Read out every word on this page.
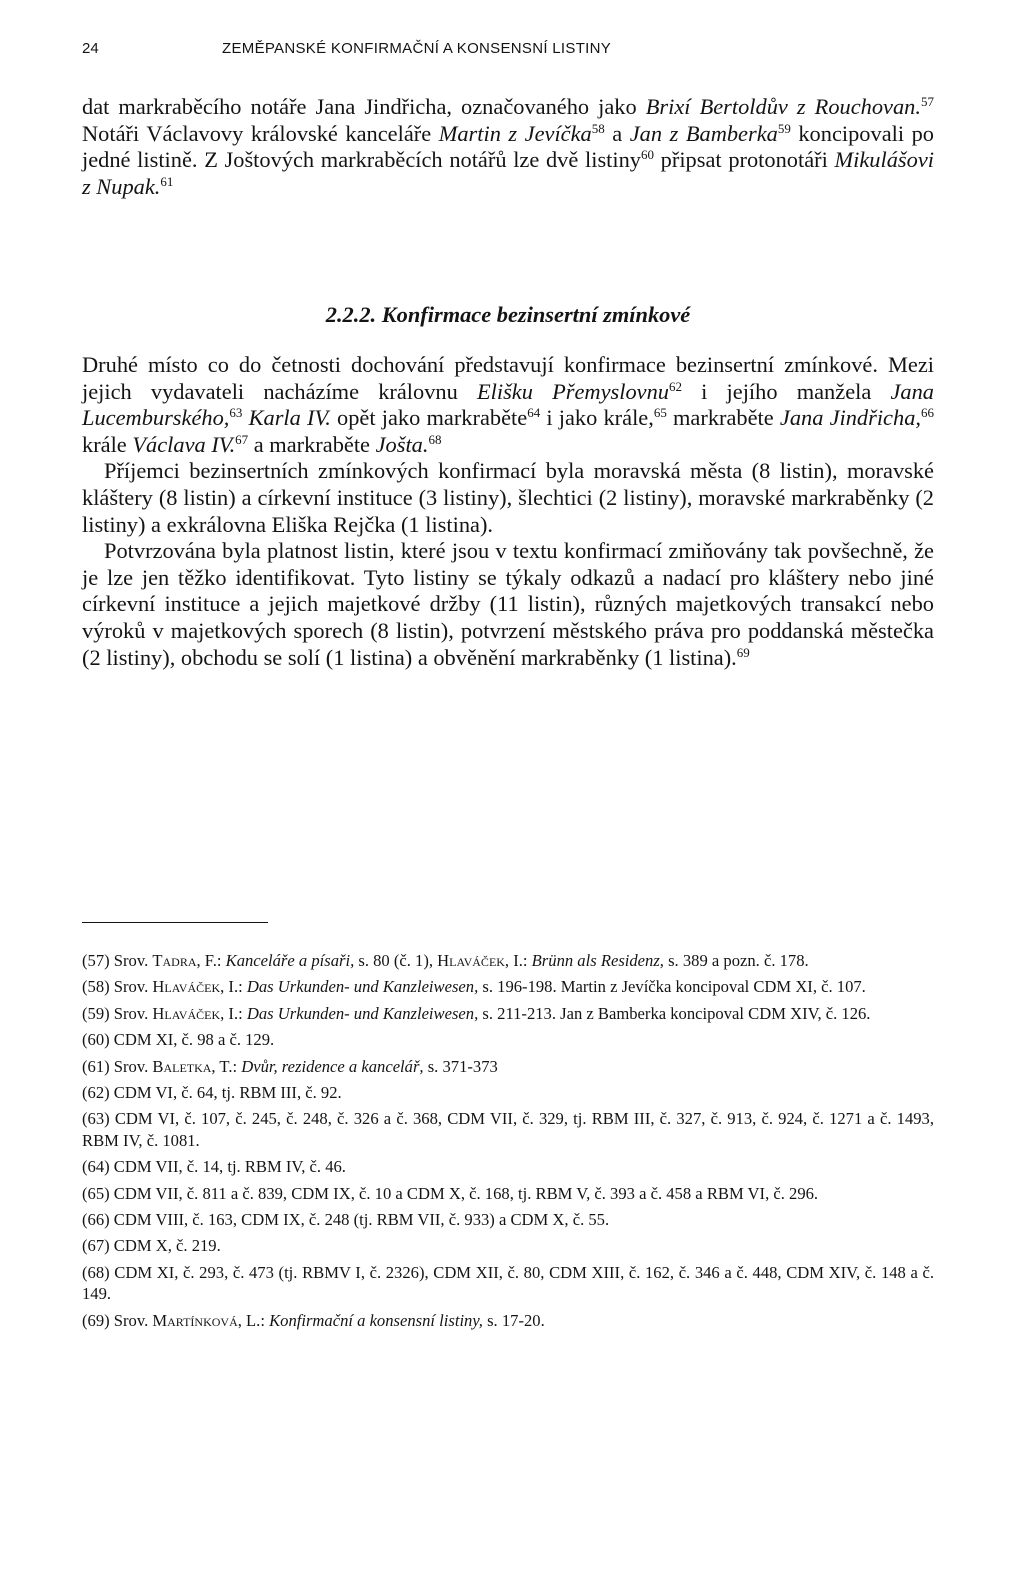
24	ZEMĚPANSKÉ KONFIRMAČNÍ A KONSENSNÍ LISTINY

dat markraběcího notáře Jana Jindřicha, označovaného jako Brixí Bertoldův z Rouchovan.$^{57}$ Notáři Václavovy královské kanceláře Martin z Jevíčka$^{58}$ a Jan z Bamberka$^{59}$ koncipovali po jedné listině. Z Joštových markraběcích notářů lze dvě listiny$^{60}$ připsat protonotáři Mikulášovi z Nupak.$^{61}$

2.2.2. Konfirmace bezinsertní zmínkové

Druhé místo co do četnosti dochování představují konfirmace bezinsertní zmínkové. Mezi jejich vydavateli nacházíme královnu Elišku Přemyslovnu$^{62}$ i jejího manžela Jana Lucemburského,$^{63}$ Karla IV. opět jako markraběte$^{64}$ i jako krále,$^{65}$ markraběte Jana Jindřicha,$^{66}$ krále Václava IV.$^{67}$ a markraběte Jošta.$^{68}$

Příjemci bezinsertních zmínkových konfirmací byla moravská města (8 listin), moravské kláštery (8 listin) a církevní instituce (3 listiny), šlechtici (2 listiny), moravské markraběnky (2 listiny) a exkrálovna Eliška Rejčka (1 listina).

Potvrzována byla platnost listin, které jsou v textu konfirmací zmiňovány tak povšechně, že je lze jen těžko identifikovat. Tyto listiny se týkaly odkazů a nadací pro kláštery nebo jiné církevní instituce a jejich majetkové držby (11 listin), různých majetkových transakcí nebo výroků v majetkových sporech (8 listin), potvrzení městského práva pro poddanská městečka (2 listiny), obchodu se solí (1 listina) a obvěnění markraběnky (1 listina).$^{69}$

(57) Srov. Tadra, F.: Kanceláře a písaři, s. 80 (č. 1), Hlaváček, I.: Brünn als Residenz, s. 389 a pozn. č. 178.

(58) Srov. Hlaváček, I.: Das Urkunden- und Kanzleiwesen, s. 196-198. Martin z Jevíčka koncipoval CDM XI, č. 107.

(59) Srov. Hlaváček, I.: Das Urkunden- und Kanzleiwesen, s. 211-213. Jan z Bamberka koncipoval CDM XIV, č. 126.

(60) CDM XI, č. 98 a č. 129.

(61) Srov. Baletka, T.: Dvůr, rezidence a kancelář, s. 371-373

(62) CDM VI, č. 64, tj. RBM III, č. 92.

(63) CDM VI, č. 107, č. 245, č. 248, č. 326 a č. 368, CDM VII, č. 329, tj. RBM III, č. 327, č. 913, č. 924, č. 1271 a č. 1493, RBM IV, č. 1081.

(64) CDM VII, č. 14, tj. RBM IV, č. 46.

(65) CDM VII, č. 811 a č. 839, CDM IX, č. 10 a CDM X, č. 168, tj. RBM V, č. 393 a č. 458 a RBM VI, č. 296.

(66) CDM VIII, č. 163, CDM IX, č. 248 (tj. RBM VII, č. 933) a CDM X, č. 55.

(67) CDM X, č. 219.

(68) CDM XI, č. 293, č. 473 (tj. RBMV I, č. 2326), CDM XII, č. 80, CDM XIII, č. 162, č. 346 a č. 448, CDM XIV, č. 148 a č. 149.

(69) Srov. Martínková, L.: Konfirmační a konsensní listiny, s. 17-20.
